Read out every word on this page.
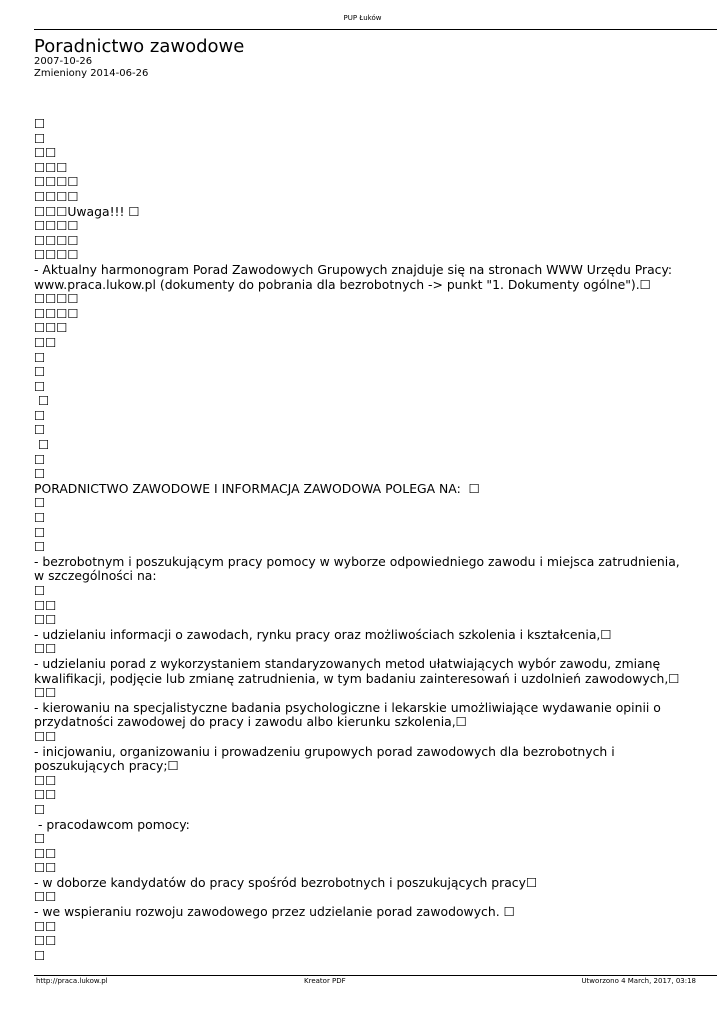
PUP Łuków
Poradnictwo zawodowe
2007-10-26
Zmieniony 2014-06-26
☐
☐
☐☐
☐☐☐
☐☐☐☐
☐☐☐☐
☐☐☐Uwaga!!! ☐
☐☐☐☐
☐☐☐☐
☐☐☐☐
- Aktualny harmonogram Porad Zawodowych Grupowych znajduje się na stronach WWW Urzędu Pracy: www.praca.lukow.pl (dokumenty do pobrania dla bezrobotnych -> punkt "1. Dokumenty ogólne").☐
☐☐☐☐
☐☐☐☐
☐☐☐
☐☐
☐
☐
☐
☐
☐
☐
☐
☐
☐
PORADNICTWO ZAWODOWE I INFORMACJA ZAWODOWA POLEGA NA:  ☐
☐
☐
☐
☐
- bezrobotnym i poszukującym pracy pomocy w wyborze odpowiedniego zawodu i miejsca zatrudnienia, w szczególności na:
☐
☐☐
☐☐
- udzielaniu informacji o zawodach, rynku pracy oraz możliwościach szkolenia i kształcenia,☐
☐☐
- udzielaniu porad z wykorzystaniem standaryzowanych metod ułatwiających wybór zawodu, zmianę kwalifikacji, podjęcie lub zmianę zatrudnienia, w tym badaniu zainteresowań i uzdolnień zawodowych,☐
☐☐
- kierowaniu na specjalistyczne badania psychologiczne i lekarskie umożliwiające wydawanie opinii o przydatności zawodowej do pracy i zawodu albo kierunku szkolenia,☐
☐☐
- inicjowaniu, organizowaniu i prowadzeniu grupowych porad zawodowych dla bezrobotnych i poszukujących pracy;☐
☐☐
☐☐
☐
- pracodawcom pomocy:
☐
☐☐
☐☐
- w doborze kandydatów do pracy spośród bezrobotnych i poszukujących pracy☐
☐☐
- we wspieraniu rozwoju zawodowego przez udzielanie porad zawodowych. ☐
☐☐
☐☐
☐
http://praca.lukow.pl	Kreator PDF	Utworzono 4 March, 2017, 03:18
